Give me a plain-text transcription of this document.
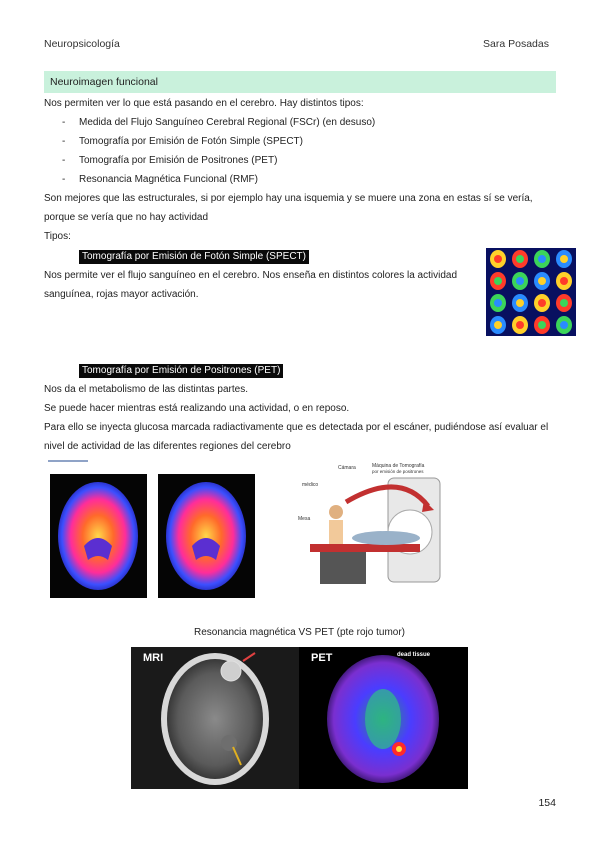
Neuropsicología	Sara Posadas
Neuroimagen funcional
Nos permiten ver lo que está pasando en el cerebro. Hay distintos tipos:
- Medida del Flujo Sanguíneo Cerebral Regional (FSCr) (en desuso)
- Tomografía por Emisión de Fotón Simple (SPECT)
- Tomografía por Emisión de Positrones (PET)
- Resonancia Magnética Funcional (RMF)
Son mejores que las estructurales, si por ejemplo hay una isquemia y se muere una zona en estas sí se vería, porque se vería que no hay actividad
Tipos:
Tomografía por Emisión de Fotón Simple (SPECT)
Nos permite ver el flujo sanguíneo en el cerebro. Nos enseña en distintos colores la actividad sanguínea, rojas mayor activación.
Tomografía por Emisión de Positrones (PET)
Nos da el metabolismo de las distintas partes.
Se puede hacer mientras está realizando una actividad, o en reposo.
Para ello se inyecta glucosa marcada radiactivamente que es detectada por el escáner, pudiéndose así evaluar el nivel de actividad de las diferentes regiones del cerebro
Cámara	Máquina de Tomografía
por emisión de positrones
médico
Mesa
Resonancia magnética VS PET (pte rojo tumor)
MRI	PET	dead tissue
154
